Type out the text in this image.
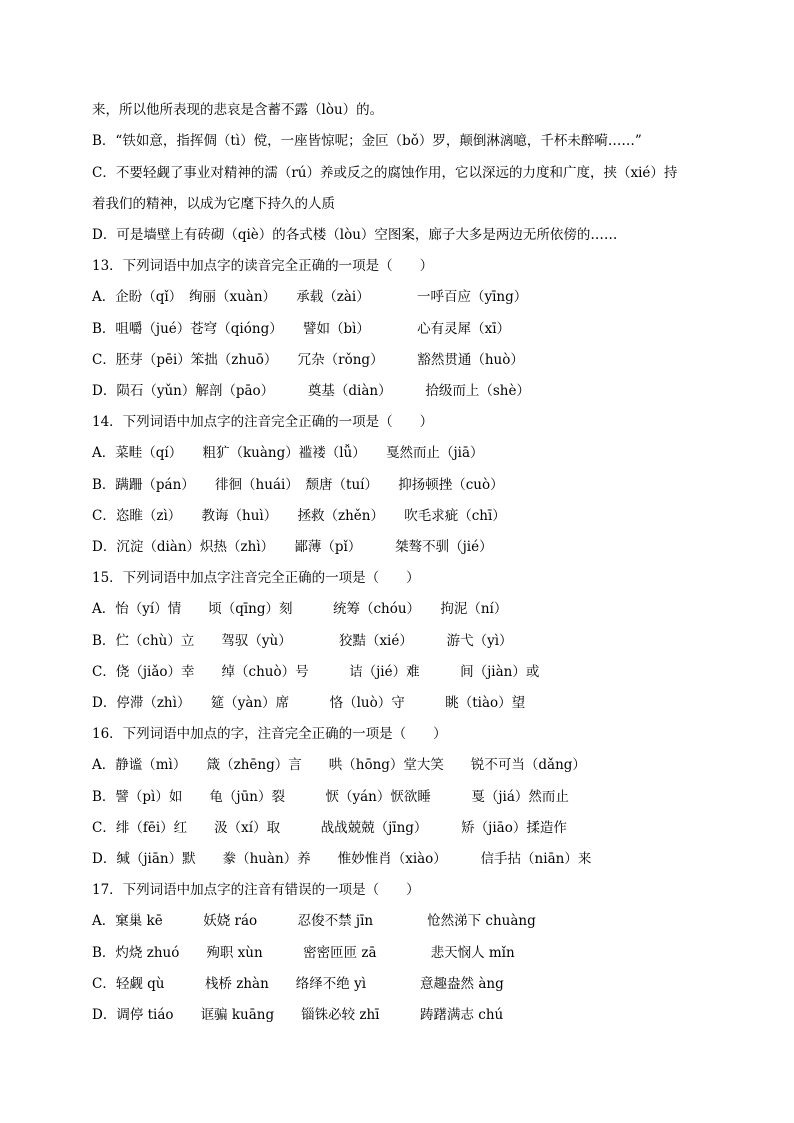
来，所以他所表现的悲哀是含蓄不露（lòu）的。
B．“铁如意，指挥倜（tì）傥，一座皆惊呢；金叵（bǒ）罗，颠倒淋漓噫，千杯未醉嗬……”
C．不要轻觑了事业对精神的濡（rú）养或反之的腐蚀作用，它以深远的力度和广度，挟（xié）持
着我们的精神，以成为它麾下持久的人质
D．可是墙壁上有砖砌（qiè）的各式楼（lòu）空图案，廊子大多是两边无所依傍的……
13．下列词语中加点字的读音完全正确的一项是（　　）
A．企盼（qǐ）　绚丽（xuàn）　　承载（zài）　　　　一呼百应（yīng）
B．咀嚼（jué）苍穹（qióng）　　譬如（bì）　　　　心有灵犀（xī）
C．胚芽（pēi）笨拙（zhuō）　　冗杂（rǒng）　　　豁然贯通（huò）
D．陨石（yǔn）解剖（pāo）　　　奠基（diàn）　　　拾级而上（shè）
14．下列词语中加点字的注音完全正确的一项是（　　）
A．菜畦（qí）　　粗犷（kuàng）褴褛（lǚ）　　戛然而止（jiā）
B．蹒跚（pán）　　徘徊（huái）　颓唐（tuí）　　抑扬顿挫（cuò）
C．恣睢（zì）　　教诲（huì）　　拯救（zhěn）　　吹毛求疵（chī）
D．沉淀（diàn）炽热（zhì）　　鄙薄（pǐ）　　　桀骜不驯（jié）
15．下列词语中加点字注音完全正确的一项是（　　）
A．怡（yí）情　　顷（qīng）刻　　　统筹（chóu）　　拘泥（ní）
B．伫（chù）立　　驾驭（yù）　　　　狡黠（xié）　　　游弋（yì）
C．侥（jiǎo）幸　　绰（chuò）号　　　诘（jié）难　　　间（jiàn）或
D．停滞（zhì）　　筵（yàn）席　　　恪（luò）守　　　眺（tiào）望
16．下列词语中加点的字，注音完全正确的一项是（　　）
A．静谧（mì）　　箴（zhēng）言　　哄（hōng）堂大笑　　锐不可当（dǎng）
B．譬（pì）如　　龟（jūn）裂　　　恹（yán）恹欲睡　　　戛（jiá）然而止
C．绯（fēi）红　　汲（xí）取　　　战战兢兢（jīng）　　　矫（jiāo）揉造作
D．缄（jiān）默　　豢（huàn）养　　惟妙惟肖（xiào）　　　信手拈（niān）来
17．下列词语中加点字的注音有错误的一项是（　　）
A．窠巢 kē　　　妖娆 ráo　　　忍俊不禁 jīn　　　　怆然涕下 chuàng
B．灼烧 zhuó　　殉职 xùn　　　密密匝匝 zā　　　　悲天悯人 mǐn
C．轻觑 qù　　　栈桥 zhàn　　络绎不绝 yì　　　　意趣盎然 àng
D．调停 tiáo　　诓骗 kuāng　　锱铢必较 zhī　　　踌躇满志 chú
